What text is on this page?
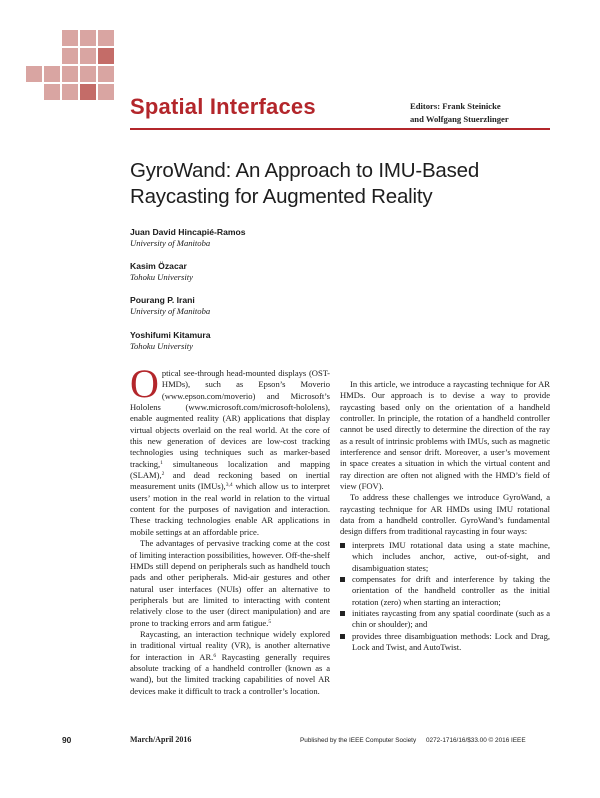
Spatial Interfaces	Editors: Frank Steinicke
and Wolfgang Stuerzlinger
GyroWand: An Approach to IMU-Based
Raycasting for Augmented Reality
Juan David Hincapié-Ramos
University of Manitoba
Kasim Özacar
Tohoku University
Pourang P. Irani
University of Manitoba
Yoshifumi Kitamura
Tohoku University

Optical see-through head-mounted displays (OST-HMDs), such as Epson’s Moverio (www.epson.com/moverio) and Microsoft’s Hololens (www.microsoft.com/microsoft-hololens), enable augmented reality (AR) applications that display virtual objects overlaid on the real world. At the core of this new generation of devices are low-cost tracking technologies using techniques such as marker-based tracking,$^1$ simultaneous localization and mapping (SLAM),$^2$ and dead reckoning based on inertial measurement units (IMUs),$^{3,4}$ which allow us to interpret users’ motion in the real world in relation to the virtual content for the purposes of navigation and interaction. These tracking technologies enable AR applications in mobile settings at an affordable price.

The advantages of pervasive tracking come at the cost of limiting interaction possibilities, however. Off-the-shelf HMDs still depend on peripherals such as handheld touch pads and other peripherals. Mid-air gestures and other natural user interfaces (NUIs) offer an alternative to peripherals but are limited to interacting with content relatively close to the user (direct manipulation) and are prone to tracking errors and arm fatigue.$^5$

Raycasting, an interaction technique widely explored in traditional virtual reality (VR), is another alternative for interaction in AR.$^6$ Raycasting generally requires absolute tracking of a handheld controller (known as a wand), but the limited tracking capabilities of novel AR devices make it difficult to track a controller’s location.

In this article, we introduce a raycasting technique for AR HMDs. Our approach is to devise a way to provide raycasting based only on the orientation of a handheld controller. In principle, the rotation of a handheld controller cannot be used directly to determine the direction of the ray as a result of intrinsic problems with IMUs, such as magnetic interference and sensor drift. Moreover, a user’s movement in space creates a situation in which the virtual content and ray direction are often not aligned with the HMD’s field of view (FOV).

To address these challenges we introduce GyroWand, a raycasting technique for AR HMDs using IMU rotational data from a handheld controller. GyroWand’s fundamental design differs from traditional raycasting in four ways:

interprets IMU rotational data using a state machine, which includes anchor, active, out-of-sight, and disambiguation states;
compensates for drift and interference by taking the orientation of the handheld controller as the initial rotation (zero) when starting an interaction;
initiates raycasting from any spatial coordinate (such as a chin or shoulder); and
provides three disambiguation methods: Lock and Drag, Lock and Twist, and AutoTwist.
90	March/April 2016	Published by the IEEE Computer Society 0272-1716/16/$33.00 © 2016 IEEE
